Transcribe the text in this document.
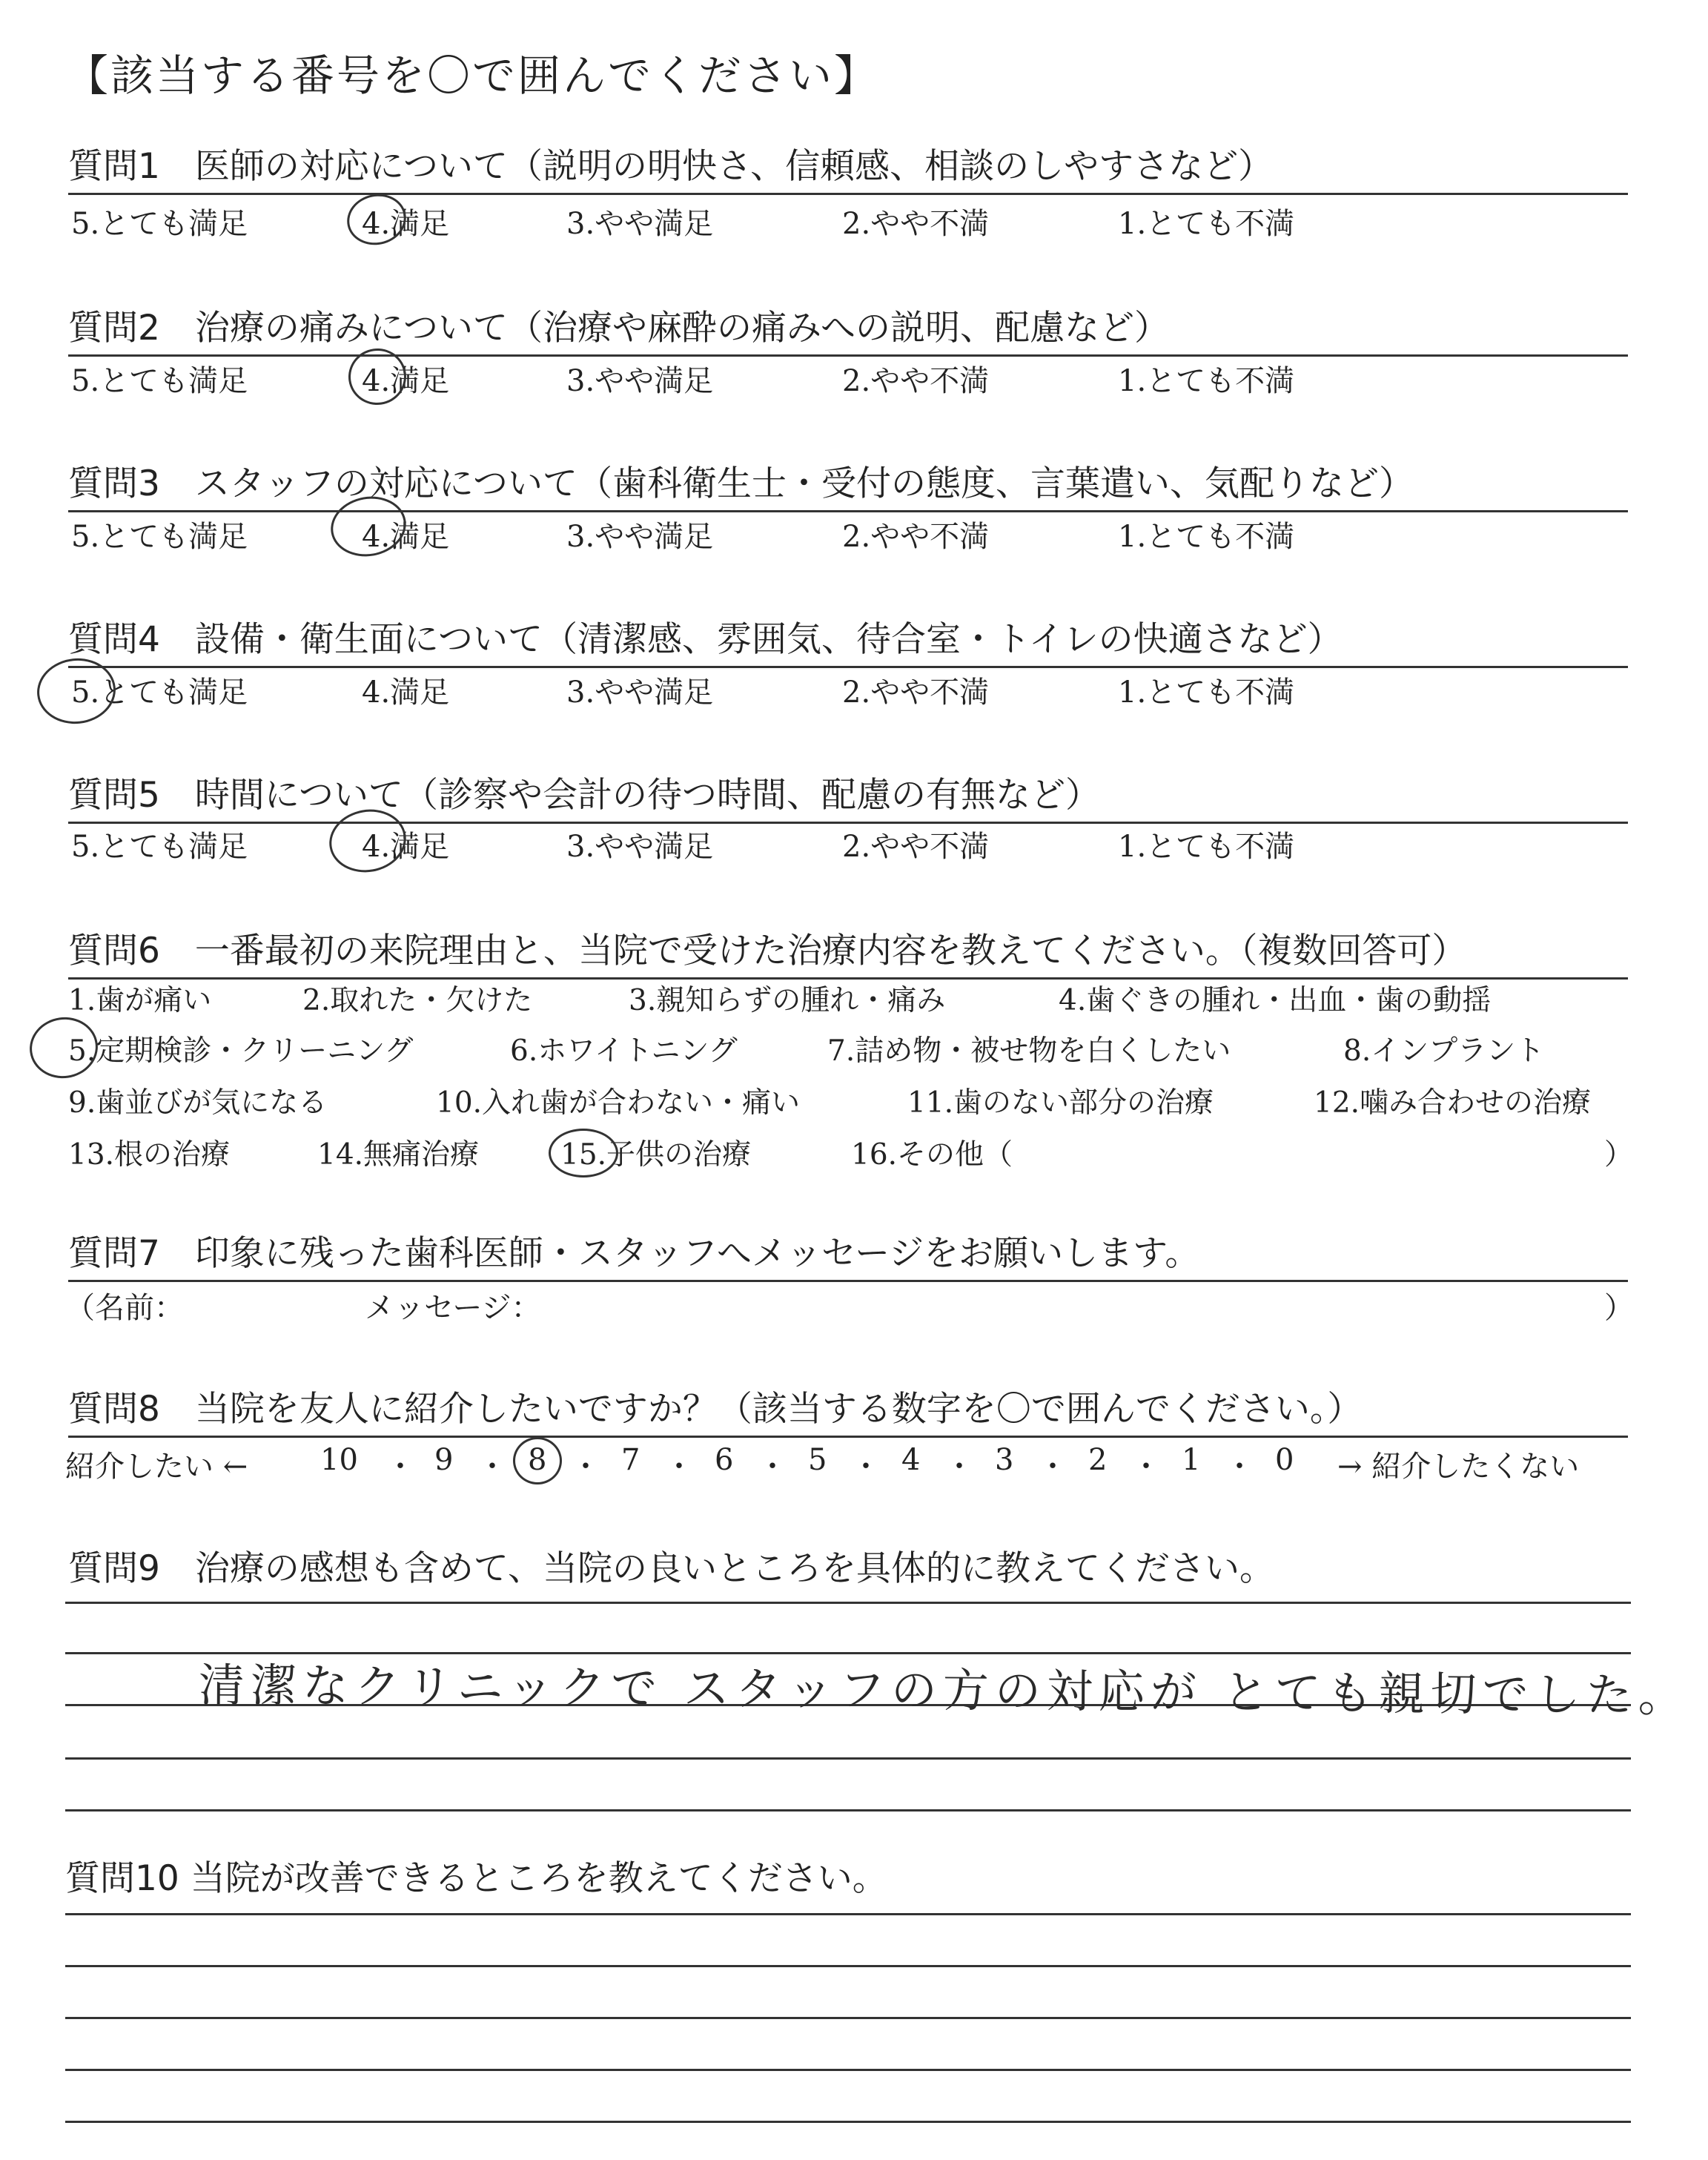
【該当する番号を〇で囲んでください】
質問1　医師の対応について（説明の明快さ、信頼感、相談のしやすさなど）
5.とても満足	4.満足	3.やや満足	2.やや不満	1.とても不満
質問2　治療の痛みについて（治療や麻酔の痛みへの説明、配慮など）
5.とても満足	4.満足	3.やや満足	2.やや不満	1.とても不満
質問3　スタッフの対応について（歯科衛生士・受付の態度、言葉遣い、気配りなど）
5.とても満足	4.満足	3.やや満足	2.やや不満	1.とても不満
質問4　設備・衛生面について（清潔感、雰囲気、待合室・トイレの快適さなど）
5.とても満足	4.満足	3.やや満足	2.やや不満	1.とても不満
質問5　時間について（診察や会計の待つ時間、配慮の有無など）
5.とても満足	4.満足	3.やや満足	2.やや不満	1.とても不満
質問6　一番最初の来院理由と、当院で受けた治療内容を教えてください。（複数回答可）
1.歯が痛い	2.取れた・欠けた	3.親知らずの腫れ・痛み	4.歯ぐきの腫れ・出血・歯の動揺
5.定期検診・クリーニング	6.ホワイトニング	7.詰め物・被せ物を白くしたい	8.インプラント
9.歯並びが気になる	10.入れ歯が合わない・痛い	11.歯のない部分の治療	12.噛み合わせの治療
13.根の治療	14.無痛治療	15.子供の治療	16.その他（	）
質問7　印象に残った歯科医師・スタッフへメッセージをお願いします。
（名前：	メッセージ：	）
質問8　当院を友人に紹介したいですか？（該当する数字を〇で囲んでください。）
紹介したい ← 10 ・ 9 ・ 8 ・ 7 ・ 6 ・ 5 ・ 4 ・ 3 ・ 2 ・ 1 ・ 0 → 紹介したくない
質問9　治療の感想も含めて、当院の良いところを具体的に教えてください。
清潔なクリニックで スタッフの方の対応が とても親切でした。
質問10 当院が改善できるところを教えてください。
